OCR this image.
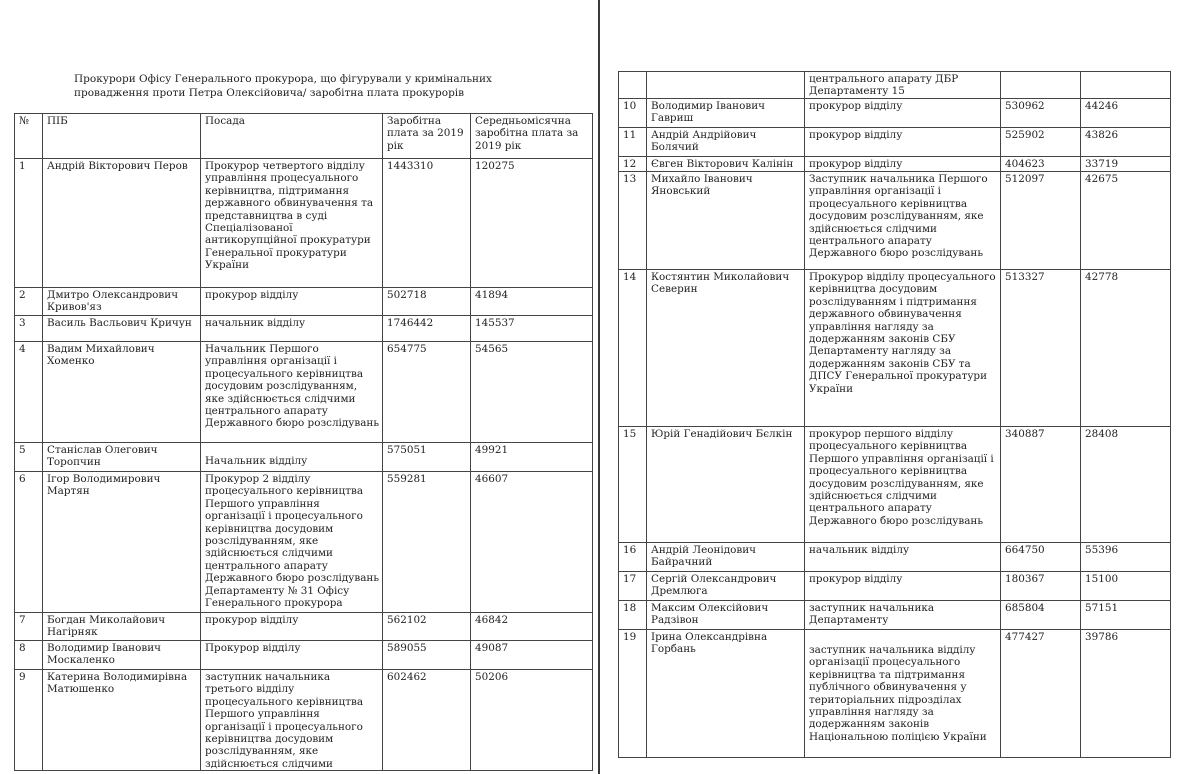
Прокурори Офісу Генерального прокурора, що фігурували у кримінальних провадження проти Петра Олексійовича/ заробітна плата прокурорів
№	ПІБ	Посада	Заробітна плата за 2019 рік	Середньомісячна заробітна плата за 2019 рік
1	Андрій Вікторович Перов	Прокурор четвертого відділу управління процесуального керівництва, підтримання державного обвинувачення та представництва в суді Спеціалізованої антикорупційної прокуратури Генеральної прокуратури України	1443310	120275
2	Дмитро Олександрович Кривов'яз	прокурор відділу	502718	41894
3	Василь Васльович Кричун	начальник відділу	1746442	145537
4	Вадим Михайлович Хоменко	Начальник Першого управління організації і процесуального керівництва досудовим розслідуванням, яке здійснюється слідчими центрального апарату Державного бюро розслідувань	654775	54565
5	Станіслав Олегович Торопчин	Начальник відділу	575051	49921
6	Ігор Володимирович Мартян	Прокурор 2 відділу процесуального керівництва Першого управління організації і процесуального керівництва досудовим розслідуванням, яке здійснюється слідчими центрального апарату Державного бюро розслідувань Департаменту № 31 Офісу Генерального прокурора	559281	46607
7	Богдан Миколайович Нагірняк	прокурор відділу	562102	46842
8	Володимир Іванович Москаленко	Прокурор відділу	589055	49087
9	Катерина Володимирівна Матюшенко	заступник начальника третього відділу процесуального керівництва Першого управління організації і процесуального керівництва досудовим розслідуванням, яке здійснюється слідчими	602462	50206
		центрального апарату ДБР Департаменту 15		
10	Володимир Іванович Гавриш	прокурор відділу	530962	44246
11	Андрій Андрійович Болячий	прокурор відділу	525902	43826
12	Євген Вікторович Калінін	прокурор відділу	404623	33719
13	Михайло Іванович Яновський	Заступник начальника Першого управління організації і процесуального керівництва досудовим розслідуванням, яке здійснюється слідчими центрального апарату Державного бюро розслідувань	512097	42675
14	Костянтин Миколайович Северин	Прокурор відділу процесуального керівництва досудовим розслідуванням і підтримання державного обвинувачення управління нагляду за додержанням законів СБУ Департаменту нагляду за додержанням законів СБУ та ДПСУ Генеральної прокуратури України	513327	42778
15	Юрій Генадійович Бєлкін	прокурор першого відділу процесуального керівництва Першого управління організації і процесуального керівництва досудовим розслідуванням, яке здійснюється слідчими центрального апарату Державного бюро розслідувань	340887	28408
16	Андрій Леонідович Байрачний	начальник відділу	664750	55396
17	Сергій Олександрович Дремлюга	прокурор відділу	180367	15100
18	Максим Олексійович Радзівон	заступник начальника Департаменту	685804	57151
19	Ірина Олександрівна Горбань	заступник начальника відділу організації процесуального керівництва та підтримання публічного обвинувачення у територіальних підрозділах управління нагляду за додержанням законів Національною поліцією України	477427	39786
